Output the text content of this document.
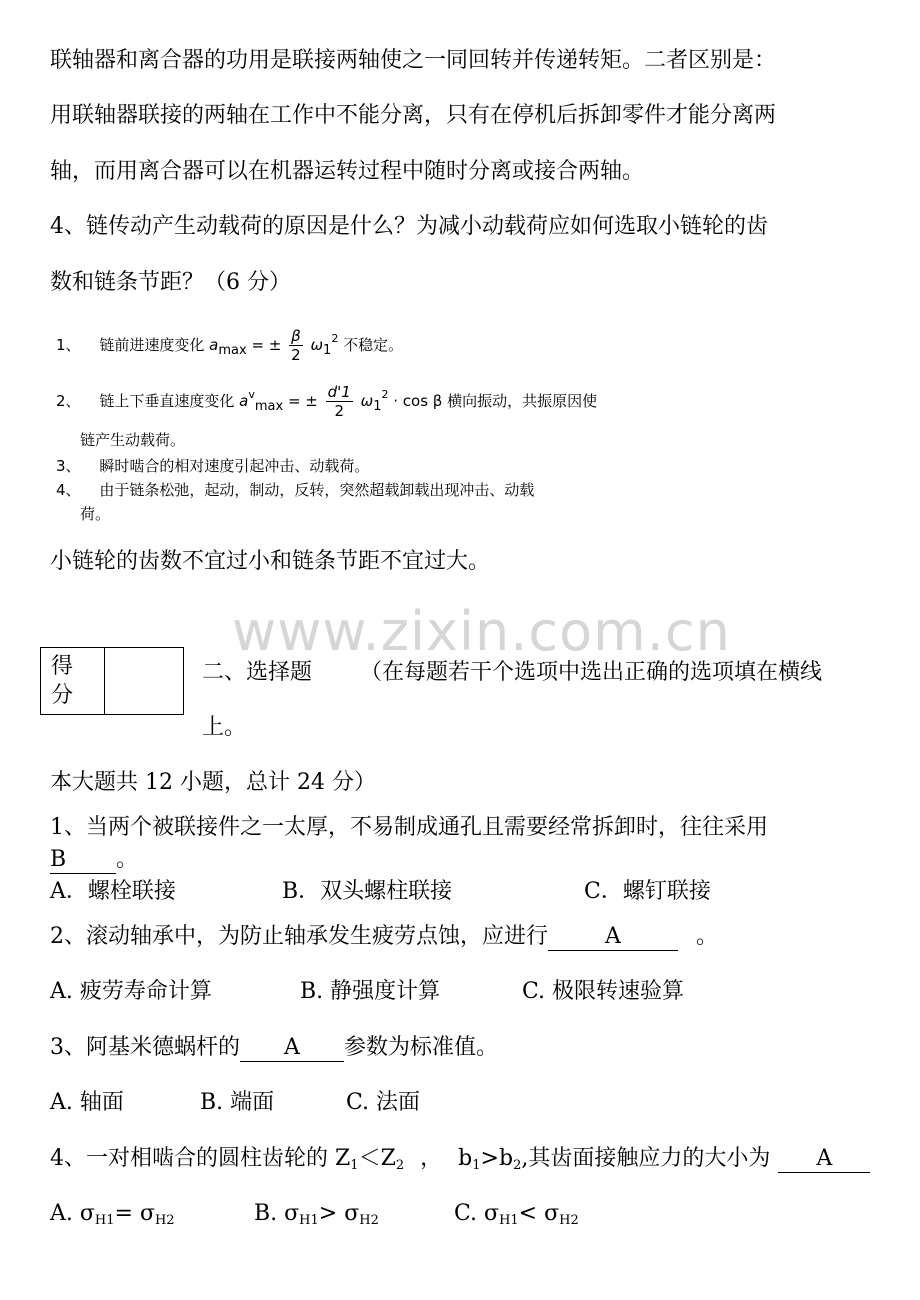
联轴器和离合器的功用是联接两轴使之一同回转并传递转矩。二者区别是：
用联轴器联接的两轴在工作中不能分离，只有在停机后拆卸零件才能分离两
轴，而用离合器可以在机器运转过程中随时分离或接合两轴。
4、链传动产生动载荷的原因是什么？为减小动载荷应如何选取小链轮的齿
数和链条节距？（6 分）
1、 链前进速度变化 amax = ± $\frac{\beta}{2} \omega 1^2$ 不稳定。
2、 链上下垂直速度变化 $a^v\max$ = ± $\frac{d'1}{2} \omega 1^2 \cdot \cos \beta$ 横向振动，共振原因使
链产生动载荷。
3、 瞬时啮合的相对速度引起冲击、动载荷。
4、 由于链条松弛，起动，制动，反转，突然超载卸载出现冲击、动载
荷。
小链轮的齿数不宜过小和链条节距不宜过大。
www.zixin.com.cn
得分
二、选择题 （在每题若干个选项中选出正确的选项填在横线
上。
本大题共 12 小题，总计 24 分）
1、当两个被联接件之一太厚，不易制成通孔且需要经常拆卸时，往往采用
B 。
A．螺栓联接	B．双头螺柱联接	C．螺钉联接
2、滚动轴承中，为防止轴承发生疲劳点蚀，应进行	A	。
A. 疲劳寿命计算	B. 静强度计算	C. 极限转速验算
3、阿基米德蜗杆的 A 参数为标准值。
A. 轴面	B. 端面	C. 法面
4、一对相啮合的圆柱齿轮的 $Z_1<Z_2$ ， $b_1>b_2$,其齿面接触应力的大小为 A
A. $\sigma_{H1}= \sigma_{H2}$	B. $\sigma_{H1}> \sigma_{H2}$	C. $\sigma_{H1}< \sigma_{H2}$
